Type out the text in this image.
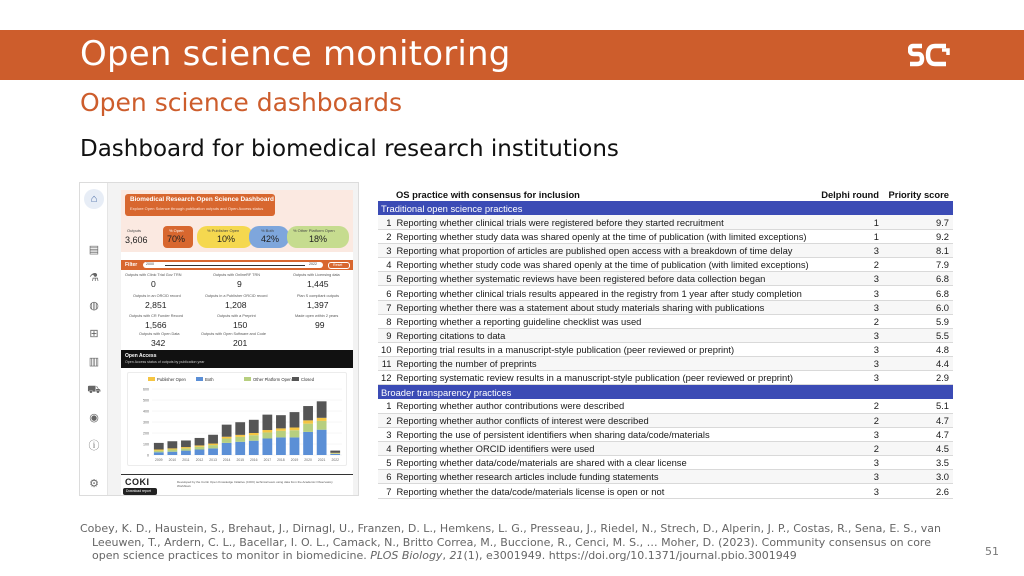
Open science monitoring
Open science dashboards
Dashboard for biomedical research institutions
⌂
▤
⚗
◍
⊞
▥
⛟
◉
ⓘ
⚙
Biomedical Research Open Science Dashboard
Explore Open Science through publication outputs and Open Access status
Outputs
3,606
% Open
70%
% Publisher Open
10%
% Both
42%
% Other Platform Open
18%
Filter 2000	2022	Reset
Outputs with Clinic Trial Gov TRN
0
Outputs with OnlineRF TRN
9
Outputs with Licensing data
1,445
Outputs in an ORCID record
2,851
Outputs in a Publisher ORCID record
1,208
Plan S compliant outputs
1,397
Outputs with CR Funder Record
1,566
Outputs with a Preprint
150
Made open within 2 years
99
Outputs with Open Data
342
Outputs with Open Software and Code
201
Open Access
Open Access status of outputs by publication year
Publisher Open	Both	Other Platform Open Closed
0
100
200
300
400
500
600
2009 2010 2011 2012 2013 2014 2015 2016 2017 2018 2019 2020 2021 2022
COKI	Developed by the Curtin Open Knowledge Initiative (COKI) technical team using data from the Academic Observatory Workflows
Download report
OS practice with consensus for inclusion		Delphi round	Priority score
Traditional open science practices			
1	Reporting whether clinical trials were registered before they started recruitment	1	9.7
2	Reporting whether study data was shared openly at the time of publication (with limited exceptions)	1	9.2
3	Reporting what proportion of articles are published open access with a breakdown of time delay	3	8.1
4	Reporting whether study code was shared openly at the time of publication (with limited exceptions)	2	7.9
5	Reporting whether systematic reviews have been registered before data collection began	3	6.8
6	Reporting whether clinical trials results appeared in the registry from 1 year after study completion	3	6.8
7	Reporting whether there was a statement about study materials sharing with publications	3	6.0
8	Reporting whether a reporting guideline checklist was used	2	5.9
9	Reporting citations to data	3	5.5
10	Reporting trial results in a manuscript-style publication (peer reviewed or preprint)	3	4.8
11	Reporting the number of preprints	3	4.4
12	Reporting systematic review results in a manuscript-style publication (peer reviewed or preprint)	3	2.9
Broader transparency practices			
1	Reporting whether author contributions were described	2	5.1
2	Reporting whether author conflicts of interest were described	2	4.7
3	Reporting the use of persistent identifiers when sharing data/code/materials	3	4.7
4	Reporting whether ORCID identifiers were used	2	4.5
5	Reporting whether data/code/materials are shared with a clear license	3	3.5
6	Reporting whether research articles include funding statements	3	3.0
7	Reporting whether the data/code/materials license is open or not	3	2.6
Cobey, K. D., Haustein, S., Brehaut, J., Dirnagl, U., Franzen, D. L., Hemkens, L. G., Presseau, J., Riedel, N., Strech, D., Alperin, J. P., Costas, R., Sena, E. S., van Leeuwen, T., Ardern, C. L., Bacellar, I. O. L., Camack, N., Britto Correa, M., Buccione, R., Cenci, M. S., … Moher, D. (2023). Community consensus on core open science practices to monitor in biomedicine. PLOS Biology, 21(1), e3001949. https://doi.org/10.1371/journal.pbio.3001949	51
